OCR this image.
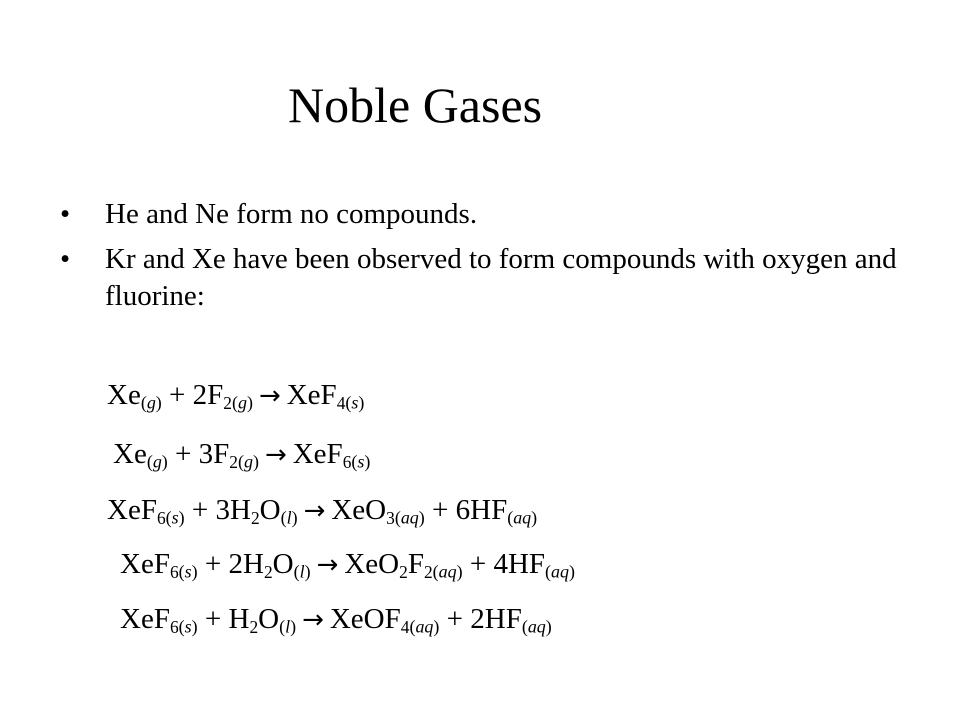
Noble Gases
• He and Ne form no compounds.
• Kr and Xe have been observed to form compounds with oxygen and fluorine:
$Xe(g) + 2F_2(g) \to XeF_4(s)$
$Xe(g) + 3F_2(g) \to XeF_6(s)$
$XeF_6(s) + 3H_2O(l) \to XeO_3(aq) + 6HF(aq)$
$XeF_6(s) + 2H_2O(l) \to XeO_2F_2(aq) + 4HF(aq)$
$XeF_6(s) + H_2O(l)$ → XeOF$_4$(aq) + 2HF(aq)
